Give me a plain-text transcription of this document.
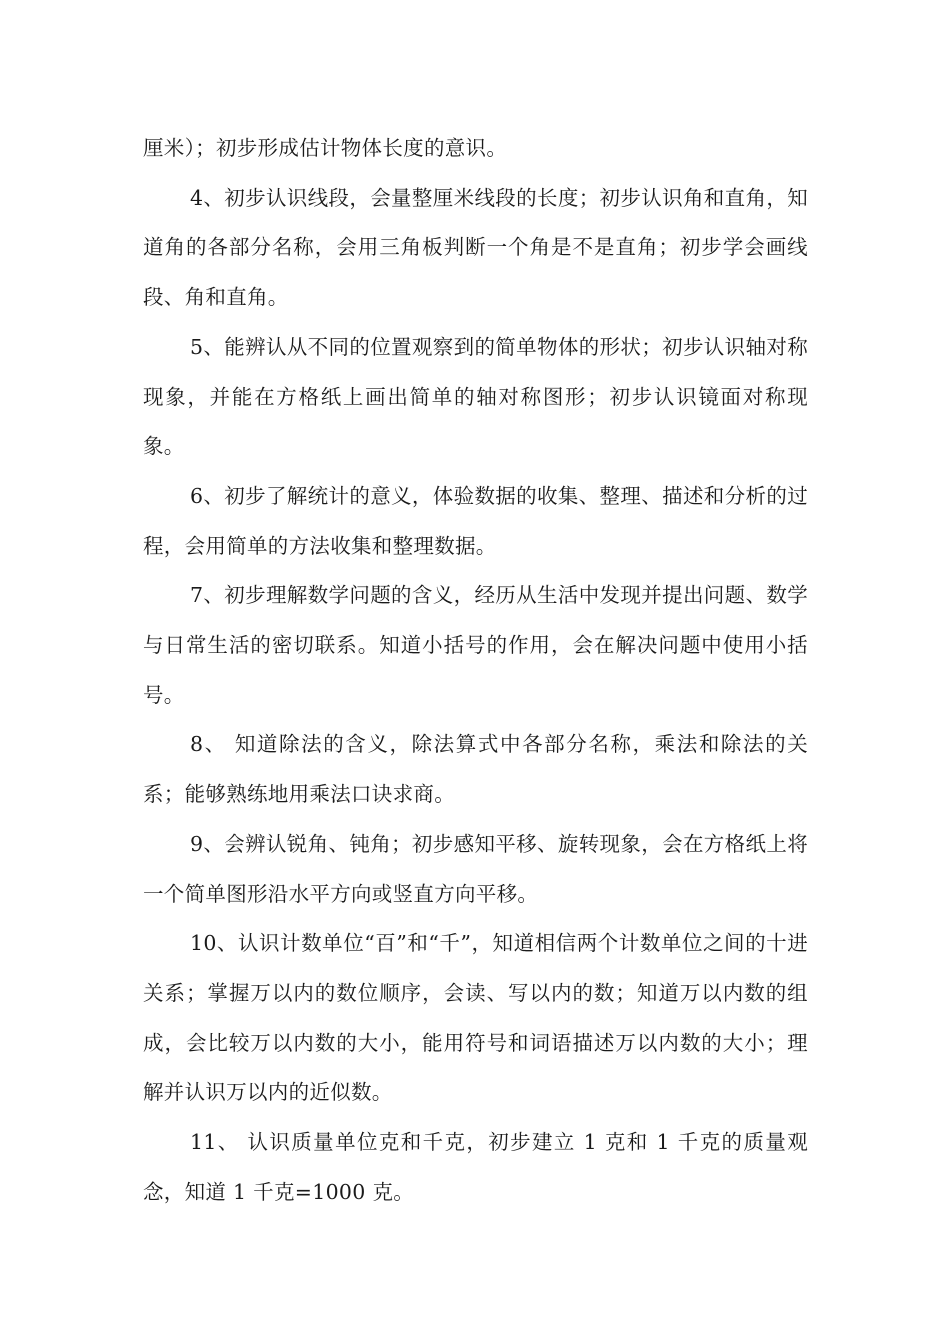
厘米）；初步形成估计物体长度的意识。

4、初步认识线段，会量整厘米线段的长度；初步认识角和直角，知道角的各部分名称，会用三角板判断一个角是不是直角；初步学会画线段、角和直角。

5、能辨认从不同的位置观察到的简单物体的形状；初步认识轴对称现象，并能在方格纸上画出简单的轴对称图形；初步认识镜面对称现象。

6、初步了解统计的意义，体验数据的收集、整理、描述和分析的过程，会用简单的方法收集和整理数据。

7、初步理解数学问题的含义，经历从生活中发现并提出问题、数学与日常生活的密切联系。知道小括号的作用，会在解决问题中使用小括号。

8、 知道除法的含义，除法算式中各部分名称，乘法和除法的关系；能够熟练地用乘法口诀求商。

9、会辨认锐角、钝角；初步感知平移、旋转现象，会在方格纸上将一个简单图形沿水平方向或竖直方向平移。

10、认识计数单位“百”和“千”，知道相信两个计数单位之间的十进关系；掌握万以内的数位顺序，会读、写以内的数；知道万以内数的组成，会比较万以内数的大小，能用符号和词语描述万以内数的大小；理解并认识万以内的近似数。

11、 认识质量单位克和千克，初步建立 1 克和 1 千克的质量观念，知道 1 千克=1000 克。
